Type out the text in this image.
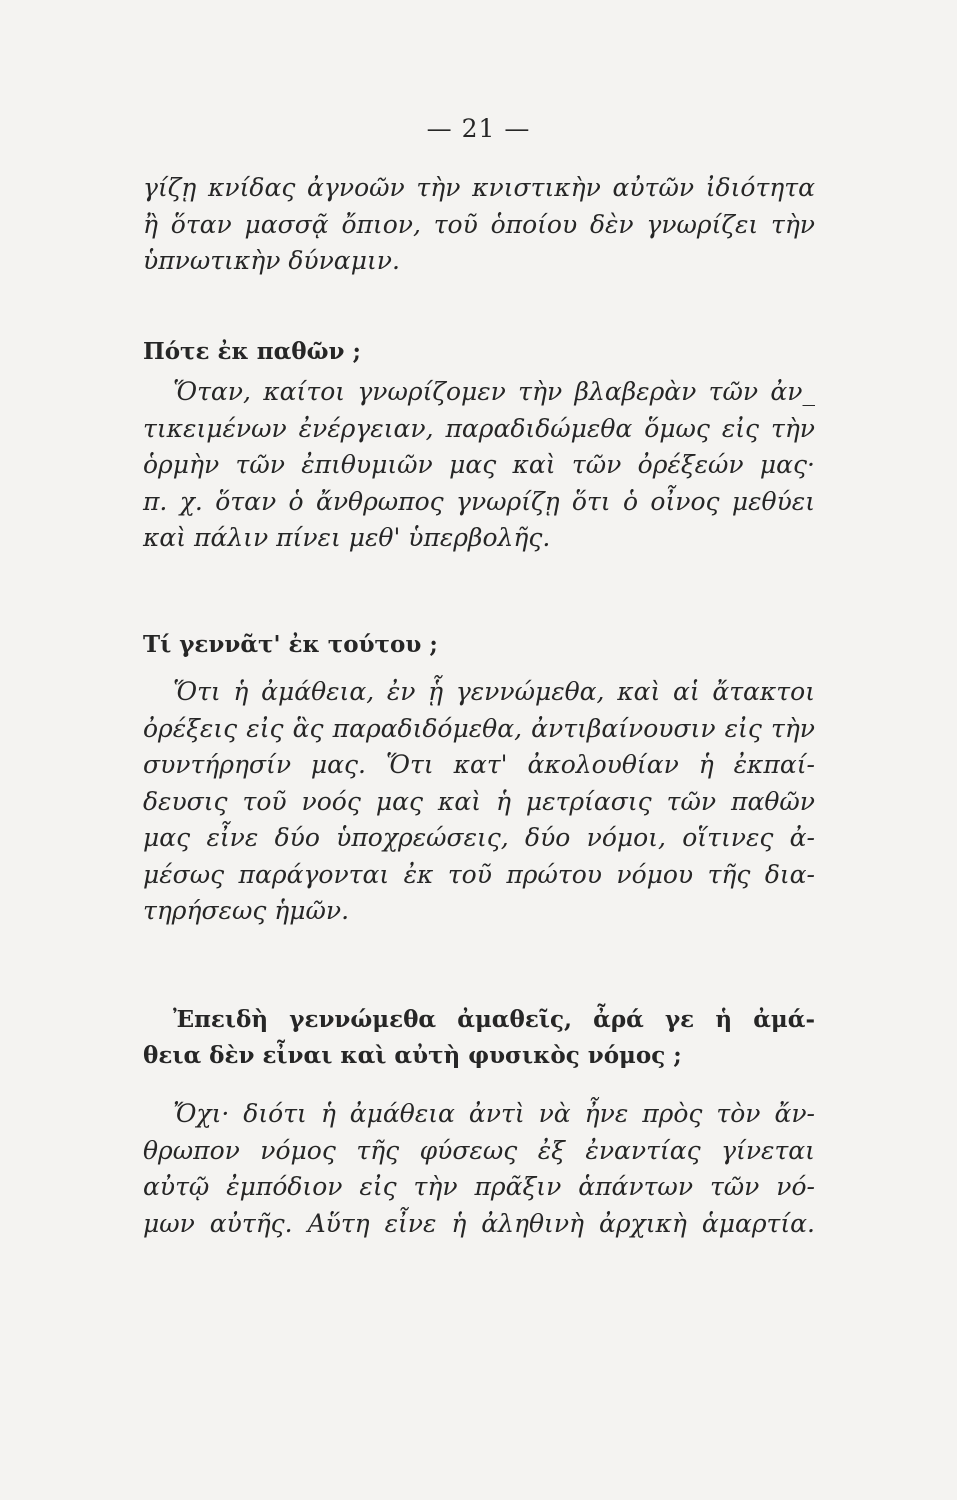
— 21 —
γίζῃ κνίδας ἀγνοῶν τὴν κνιστικὴν αὐτῶν ἰδιότητα
ἢ ὅταν μασσᾷ ὄπιον, τοῦ ὁποίου δὲν γνωρίζει τὴν
ὑπνωτικὴν δύναμιν.
Πότε ἐκ παθῶν ;
Ὅταν, καίτοι γνωρίζομεν τὴν βλαβερὰν τῶν ἀν_
τικειμένων ἐνέργειαν, παραδιδώμεθα ὅμως εἰς τὴν
ὁρμὴν τῶν ἐπιθυμιῶν μας καὶ τῶν ὀρέξεών μας·
π. χ. ὅταν ὁ ἄνθρωπος γνωρίζῃ ὅτι ὁ οἶνος μεθύει
καὶ πάλιν πίνει μεθ' ὑπερβολῆς.
Τί γεννᾶτ' ἐκ τούτου ;
Ὅτι ἡ ἀμάθεια, ἐν ᾗ γεννώμεθα, καὶ αἱ ἄτακτοι
ὀρέξεις εἰς ἃς παραδιδόμεθα, ἀντιβαίνουσιν εἰς τὴν
συντήρησίν μας. Ὅτι κατ' ἀκολουθίαν ἡ ἐκπαί-
δευσις τοῦ νοός μας καὶ ἡ μετρίασις τῶν παθῶν
μας εἶνε δύο ὑποχρεώσεις, δύο νόμοι, οἵτινες ἀ-
μέσως παράγονται ἐκ τοῦ πρώτου νόμου τῆς δια-
τηρήσεως ἡμῶν.
Ἐπειδὴ γεννώμεθα ἀμαθεῖς, ἆρά γε ἡ ἀμά-
θεια δὲν εἶναι καὶ αὐτὴ φυσικὸς νόμος ;
Ὄχι· διότι ἡ ἀμάθεια ἀντὶ νὰ ἦνε πρὸς τὸν ἄν-
θρωπον νόμος τῆς φύσεως ἐξ ἐναντίας γίνεται
αὐτῷ ἐμπόδιον εἰς τὴν πρᾶξιν ἁπάντων τῶν νό-
μων αὐτῆς. Αὕτη εἶνε ἡ ἀληθινὴ ἀρχικὴ ἁμαρτία.
